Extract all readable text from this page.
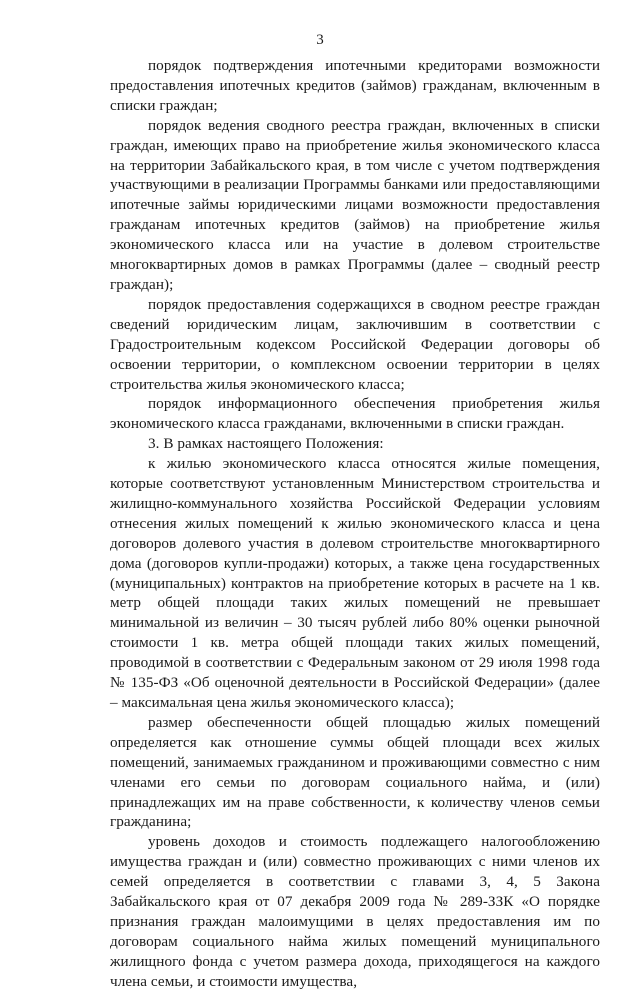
3

порядок подтверждения ипотечными кредиторами возможности предоставления ипотечных кредитов (займов) гражданам, включенным в списки граждан;

порядок ведения сводного реестра граждан, включенных в списки граждан, имеющих право на приобретение жилья экономического класса на территории Забайкальского края, в том числе с учетом подтверждения участвующими в реализации Программы банками или предоставляющими ипотечные займы юридическими лицами возможности предоставления гражданам ипотечных кредитов (займов) на приобретение жилья экономического класса или на участие в долевом строительстве многоквартирных домов в рамках Программы (далее – сводный реестр граждан);

порядок предоставления содержащихся в сводном реестре граждан сведений юридическим лицам, заключившим в соответствии с Градостроительным кодексом Российской Федерации договоры об освоении территории, о комплексном освоении территории в целях строительства жилья экономического класса;

порядок информационного обеспечения приобретения жилья экономического класса гражданами, включенными в списки граждан.

3. В рамках настоящего Положения:

к жилью экономического класса относятся жилые помещения, которые соответствуют установленным Министерством строительства и жилищно-коммунального хозяйства Российской Федерации условиям отнесения жилых помещений к жилью экономического класса и цена договоров долевого участия в долевом строительстве многоквартирного дома (договоров купли-продажи) которых, а также цена государственных (муниципальных) контрактов на приобретение которых в расчете на 1 кв. метр общей площади таких жилых помещений не превышает минимальной из величин – 30 тысяч рублей либо 80% оценки рыночной стоимости 1 кв. метра общей площади таких жилых помещений, проводимой в соответствии с Федеральным законом от 29 июля 1998 года № 135-ФЗ «Об оценочной деятельности в Российской Федерации» (далее – максимальная цена жилья экономического класса);

размер обеспеченности общей площадью жилых помещений определяется как отношение суммы общей площади всех жилых помещений, занимаемых гражданином и проживающими совместно с ним членами его семьи по договорам социального найма, и (или) принадлежащих им на праве собственности, к количеству членов семьи гражданина;

уровень доходов и стоимость подлежащего налогообложению имущества граждан и (или) совместно проживающих с ними членов их семей определяется в соответствии с главами 3, 4, 5 Закона Забайкальского края от 07 декабря 2009 года № 289-ЗЗК «О порядке признания граждан малоимущими в целях предоставления им по договорам социального найма жилых помещений муниципального жилищного фонда с учетом размера дохода, приходящегося на каждого члена семьи, и стоимости имущества,
